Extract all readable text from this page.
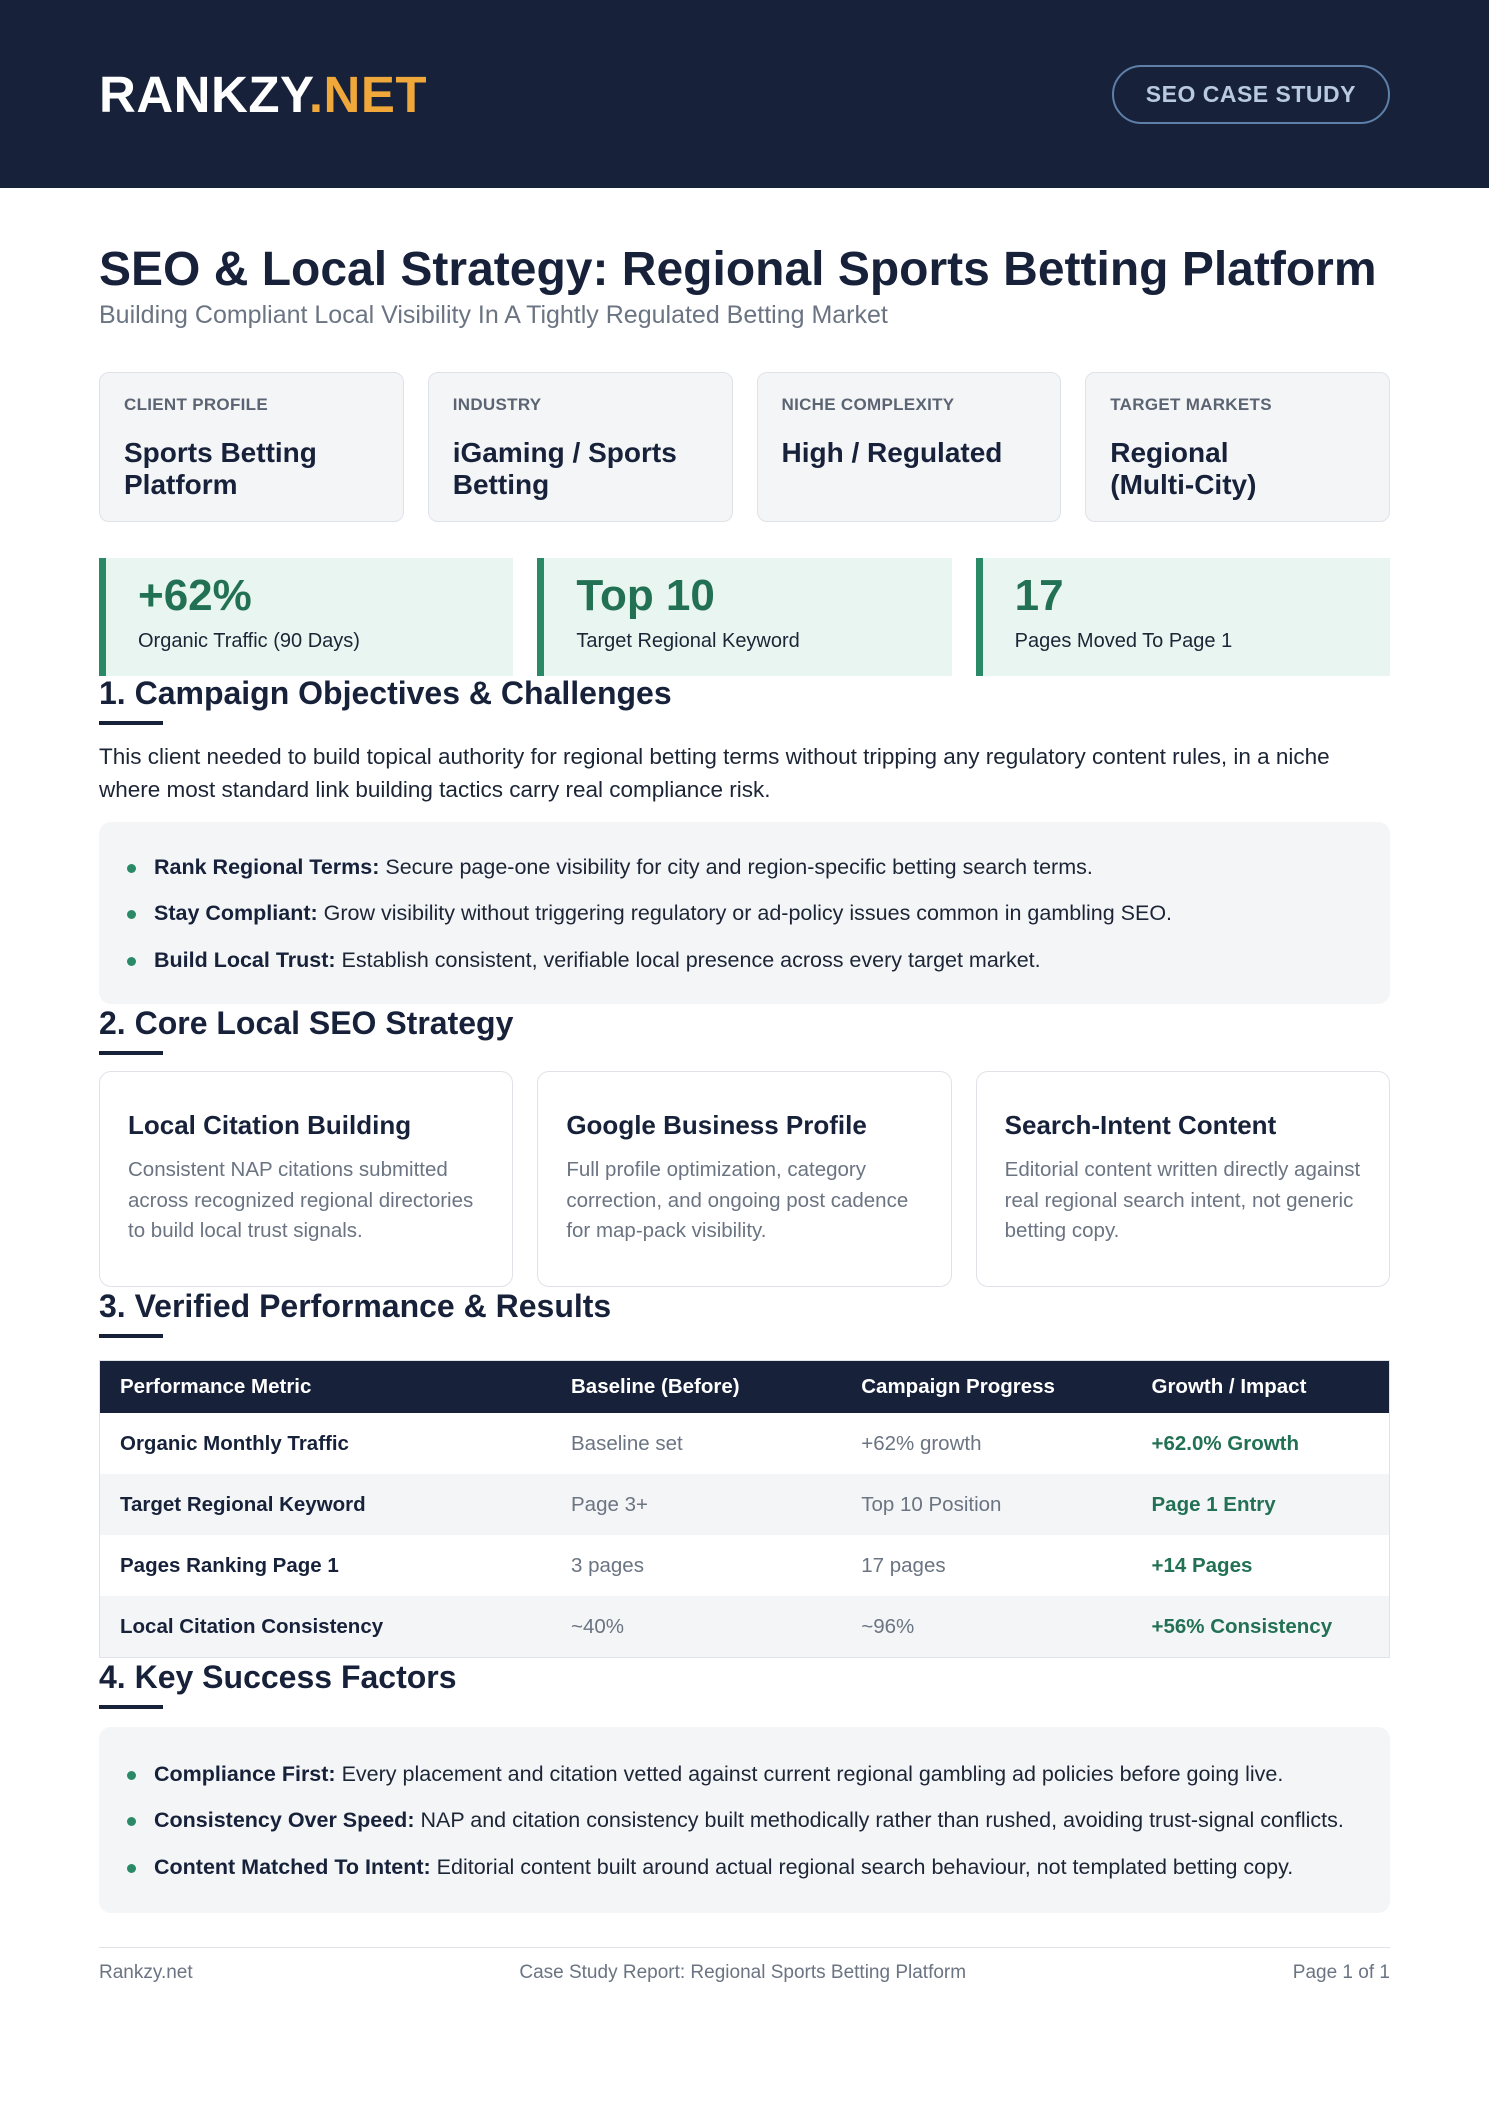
RANKZY.NET	SEO CASE STUDY
SEO & Local Strategy: Regional Sports Betting Platform
Building Compliant Local Visibility In A Tightly Regulated Betting Market
CLIENT PROFILE
Sports Betting
Platform
INDUSTRY
iGaming / Sports
Betting
NICHE COMPLEXITY
High / Regulated
TARGET MARKETS
Regional
(Multi-City)
+62%
Organic Traffic (90 Days)
Top 10
Target Regional Keyword
17
Pages Moved To Page 1
1. Campaign Objectives & Challenges
This client needed to build topical authority for regional betting terms without tripping any regulatory content rules, in a niche where most standard link building tactics carry real compliance risk.
Rank Regional Terms: Secure page-one visibility for city and region-specific betting search terms.
Stay Compliant: Grow visibility without triggering regulatory or ad-policy issues common in gambling SEO.
Build Local Trust: Establish consistent, verifiable local presence across every target market.
2. Core Local SEO Strategy
Local Citation Building
Consistent NAP citations submitted across recognized regional directories to build local trust signals.
Google Business Profile
Full profile optimization, category correction, and ongoing post cadence for map-pack visibility.
Search-Intent Content
Editorial content written directly against real regional search intent, not generic betting copy.
3. Verified Performance & Results
Performance Metric	Baseline (Before)	Campaign Progress	Growth / Impact
Organic Monthly Traffic	Baseline set	+62% growth	+62.0% Growth
Target Regional Keyword	Page 3+	Top 10 Position	Page 1 Entry
Pages Ranking Page 1	3 pages	17 pages	+14 Pages
Local Citation Consistency	~40%	~96%	+56% Consistency
4. Key Success Factors
Compliance First: Every placement and citation vetted against current regional gambling ad policies before going live.
Consistency Over Speed: NAP and citation consistency built methodically rather than rushed, avoiding trust-signal conflicts.
Content Matched To Intent: Editorial content built around actual regional search behaviour, not templated betting copy.
Rankzy.net	Case Study Report: Regional Sports Betting Platform	Page 1 of 1
